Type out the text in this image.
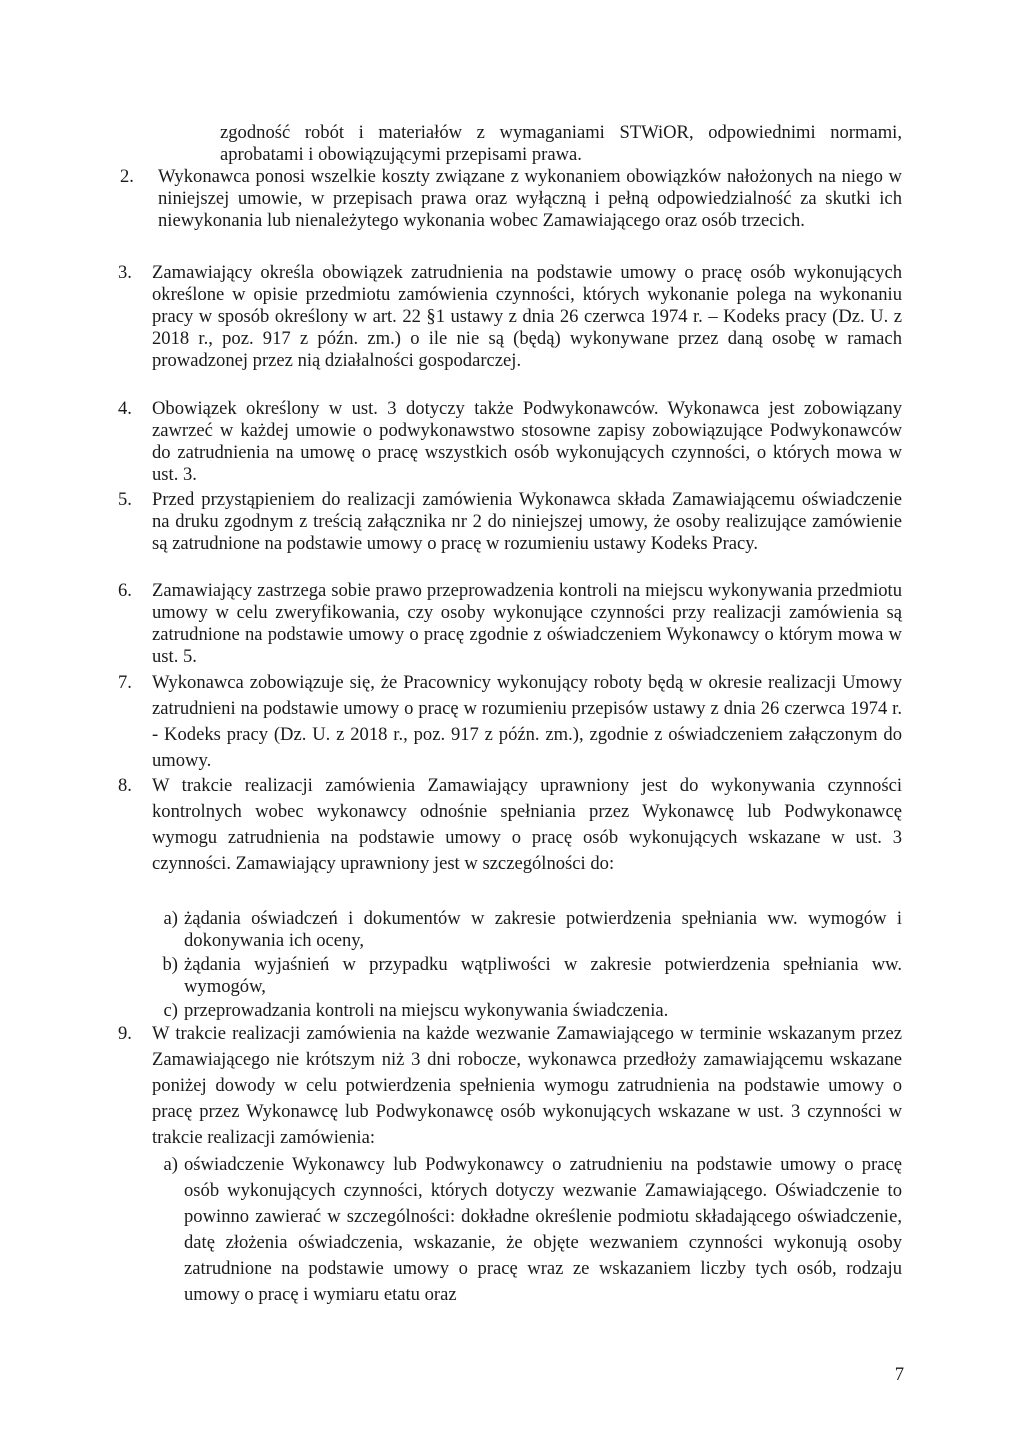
zgodność robót i materiałów z wymaganiami STWiOR, odpowiednimi normami, aprobatami i obowiązującymi przepisami prawa.

2.	Wykonawca ponosi wszelkie koszty związane z wykonaniem obowiązków nałożonych na niego w niniejszej umowie, w przepisach prawa oraz wyłączną i pełną odpowiedzialność za skutki ich niewykonania lub nienależytego wykonania wobec Zamawiającego oraz osób trzecich.
3.	Zamawiający określa obowiązek zatrudnienia na podstawie umowy o pracę osób wykonujących określone w opisie przedmiotu zamówienia czynności, których wykonanie polega na wykonaniu pracy w sposób określony w art. 22 §1 ustawy z dnia 26 czerwca 1974 r. – Kodeks pracy (Dz. U. z 2018 r., poz. 917 z późn. zm.) o ile nie są (będą) wykonywane przez daną osobę w ramach prowadzonej przez nią działalności gospodarczej.
4.	Obowiązek określony w ust. 3 dotyczy także Podwykonawców. Wykonawca jest zobowiązany zawrzeć w każdej umowie o podwykonawstwo stosowne zapisy zobowiązujące Podwykonawców do zatrudnienia na umowę o pracę wszystkich osób wykonujących czynności, o których mowa w ust. 3.
5.	Przed przystąpieniem do realizacji zamówienia Wykonawca składa Zamawiającemu oświadczenie na druku zgodnym z treścią załącznika nr 2 do niniejszej umowy, że osoby realizujące zamówienie są zatrudnione na podstawie umowy o pracę w rozumieniu ustawy Kodeks Pracy.
6.	Zamawiający zastrzega sobie prawo przeprowadzenia kontroli na miejscu wykonywania przedmiotu umowy w celu zweryfikowania, czy osoby wykonujące czynności przy realizacji zamówienia są zatrudnione na podstawie umowy o pracę zgodnie z oświadczeniem Wykonawcy o którym mowa w ust. 5.
7.	Wykonawca zobowiązuje się, że Pracownicy wykonujący roboty będą w okresie realizacji Umowy zatrudnieni na podstawie umowy o pracę w rozumieniu przepisów ustawy z dnia 26 czerwca 1974 r. - Kodeks pracy (Dz. U. z 2018 r., poz. 917 z późn. zm.), zgodnie z oświadczeniem załączonym do umowy.
8.	W trakcie realizacji zamówienia Zamawiający uprawniony jest do wykonywania czynności kontrolnych wobec wykonawcy odnośnie spełniania przez Wykonawcę lub Podwykonawcę wymogu zatrudnienia na podstawie umowy o pracę osób wykonujących wskazane w ust. 3 czynności. Zamawiający uprawniony jest w szczególności do:
a) żądania oświadczeń i dokumentów w zakresie potwierdzenia spełniania ww. wymogów i dokonywania ich oceny,
b) żądania wyjaśnień w przypadku wątpliwości w zakresie potwierdzenia spełniania ww. wymogów,
c) przeprowadzania kontroli na miejscu wykonywania świadczenia.
9.	W trakcie realizacji zamówienia na każde wezwanie Zamawiającego w terminie wskazanym przez Zamawiającego nie krótszym niż 3 dni robocze, wykonawca przedłoży zamawiającemu wskazane poniżej dowody w celu potwierdzenia spełnienia wymogu zatrudnienia na podstawie umowy o pracę przez Wykonawcę lub Podwykonawcę osób wykonujących wskazane w ust. 3 czynności w trakcie realizacji zamówienia:
a) oświadczenie Wykonawcy lub Podwykonawcy o zatrudnieniu na podstawie umowy o pracę osób wykonujących czynności, których dotyczy wezwanie Zamawiającego. Oświadczenie to powinno zawierać w szczególności: dokładne określenie podmiotu składającego oświadczenie, datę złożenia oświadczenia, wskazanie, że objęte wezwaniem czynności wykonują osoby zatrudnione na podstawie umowy o pracę wraz ze wskazaniem liczby tych osób, rodzaju umowy o pracę i wymiaru etatu oraz
7
